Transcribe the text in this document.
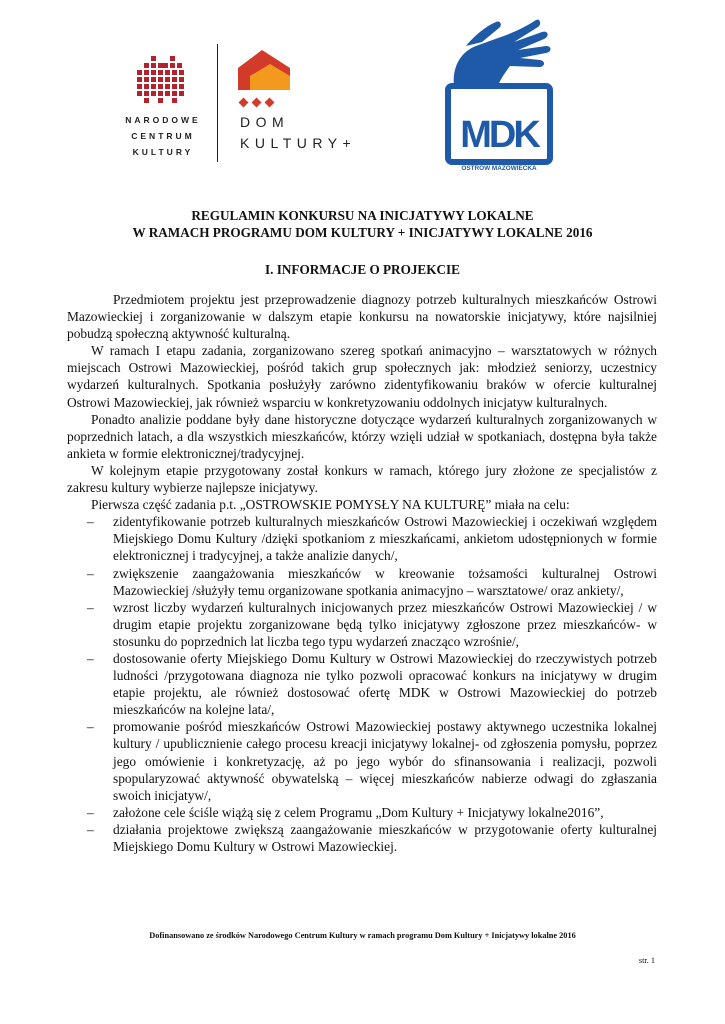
NARODOWE
CENTRUM
KULTURY
DOM
KULTURY+	MDK
OSTRÓW MAZOWIECKA
REGULAMIN KONKURSU NA INICJATYWY LOKALNE
W RAMACH PROGRAMU DOM KULTURY + INICJATYWY LOKALNE 2016
I. INFORMACJE O PROJEKCIE

Przedmiotem projektu jest przeprowadzenie diagnozy potrzeb kulturalnych mieszkańców Ostrowi Mazowieckiej i zorganizowanie w dalszym etapie konkursu na nowatorskie inicjatywy, które najsilniej pobudzą społeczną aktywność kulturalną.

W ramach I etapu zadania, zorganizowano szereg spotkań animacyjno – warsztatowych w różnych miejscach Ostrowi Mazowieckiej, pośród takich grup społecznych jak: młodzież seniorzy, uczestnicy wydarzeń kulturalnych. Spotkania posłużyły zarówno zidentyfikowaniu braków w ofercie kulturalnej Ostrowi Mazowieckiej, jak również wsparciu w konkretyzowaniu oddolnych inicjatyw kulturalnych.

Ponadto analizie poddane były dane historyczne dotyczące wydarzeń kulturalnych zorganizowanych w poprzednich latach, a dla wszystkich mieszkańców, którzy wzięli udział w spotkaniach, dostępna była także ankieta w formie elektronicznej/tradycyjnej.

W kolejnym etapie przygotowany został konkurs w ramach, którego jury złożone ze specjalistów z zakresu kultury wybierze najlepsze inicjatywy.

Pierwsza część zadania p.t. „OSTROWSKIE POMYSŁY NA KULTURĘ” miała na celu:

– zidentyfikowanie potrzeb kulturalnych mieszkańców Ostrowi Mazowieckiej i oczekiwań względem Miejskiego Domu Kultury /dzięki spotkaniom z mieszkańcami, ankietom udostępnionych w formie elektronicznej i tradycyjnej, a także analizie danych/,
– zwiększenie zaangażowania mieszkańców w kreowanie tożsamości kulturalnej Ostrowi Mazowieckiej /służyły temu organizowane spotkania animacyjno – warsztatowe/ oraz ankiety/,
– wzrost liczby wydarzeń kulturalnych inicjowanych przez mieszkańców Ostrowi Mazowieckiej / w drugim etapie projektu zorganizowane będą tylko inicjatywy zgłoszone przez mieszkańców- w stosunku do poprzednich lat liczba tego typu wydarzeń znacząco wzrośnie/,
– dostosowanie oferty Miejskiego Domu Kultury w Ostrowi Mazowieckiej do rzeczywistych potrzeb ludności /przygotowana diagnoza nie tylko pozwoli opracować konkurs na inicjatywy w drugim etapie projektu, ale również dostosować ofertę MDK w Ostrowi Mazowieckiej do potrzeb mieszkańców na kolejne lata/,
– promowanie pośród mieszkańców Ostrowi Mazowieckiej postawy aktywnego uczestnika lokalnej kultury / upublicznienie całego procesu kreacji inicjatywy lokalnej- od zgłoszenia pomysłu, poprzez jego omówienie i konkretyzację, aż po jego wybór do sfinansowania i realizacji, pozwoli spopularyzować aktywność obywatelską – więcej mieszkańców nabierze odwagi do zgłaszania swoich inicjatyw/,
– założone cele ściśle wiążą się z celem Programu „Dom Kultury + Inicjatywy lokalne2016”,
– działania projektowe zwiększą zaangażowanie mieszkańców w przygotowanie oferty kulturalnej Miejskiego Domu Kultury w Ostrowi Mazowieckiej.
Dofinansowano ze środków Narodowego Centrum Kultury w ramach programu Dom Kultury + Inicjatywy lokalne 2016
str. 1
